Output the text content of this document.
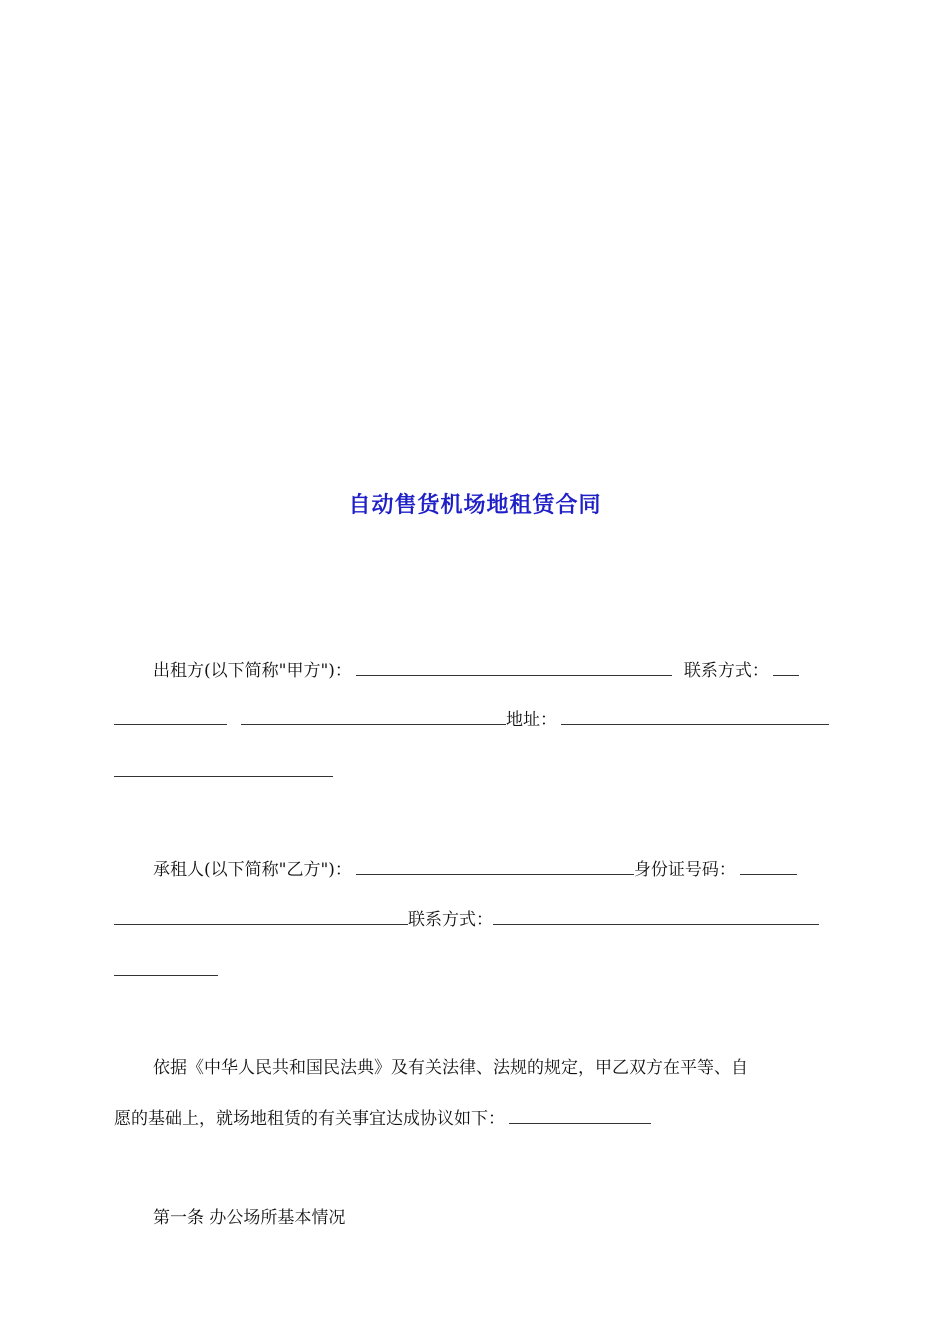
自动售货机场地租赁合同
出租方(以下简称"甲方")：	联系方式：
地址：
承租人(以下简称"乙方")：	身份证号码：
联系方式：
依据《中华人民共和国民法典》及有关法律、法规的规定，甲乙双方在平等、自
愿的基础上，就场地租赁的有关事宜达成协议如下：
第一条 办公场所基本情况
